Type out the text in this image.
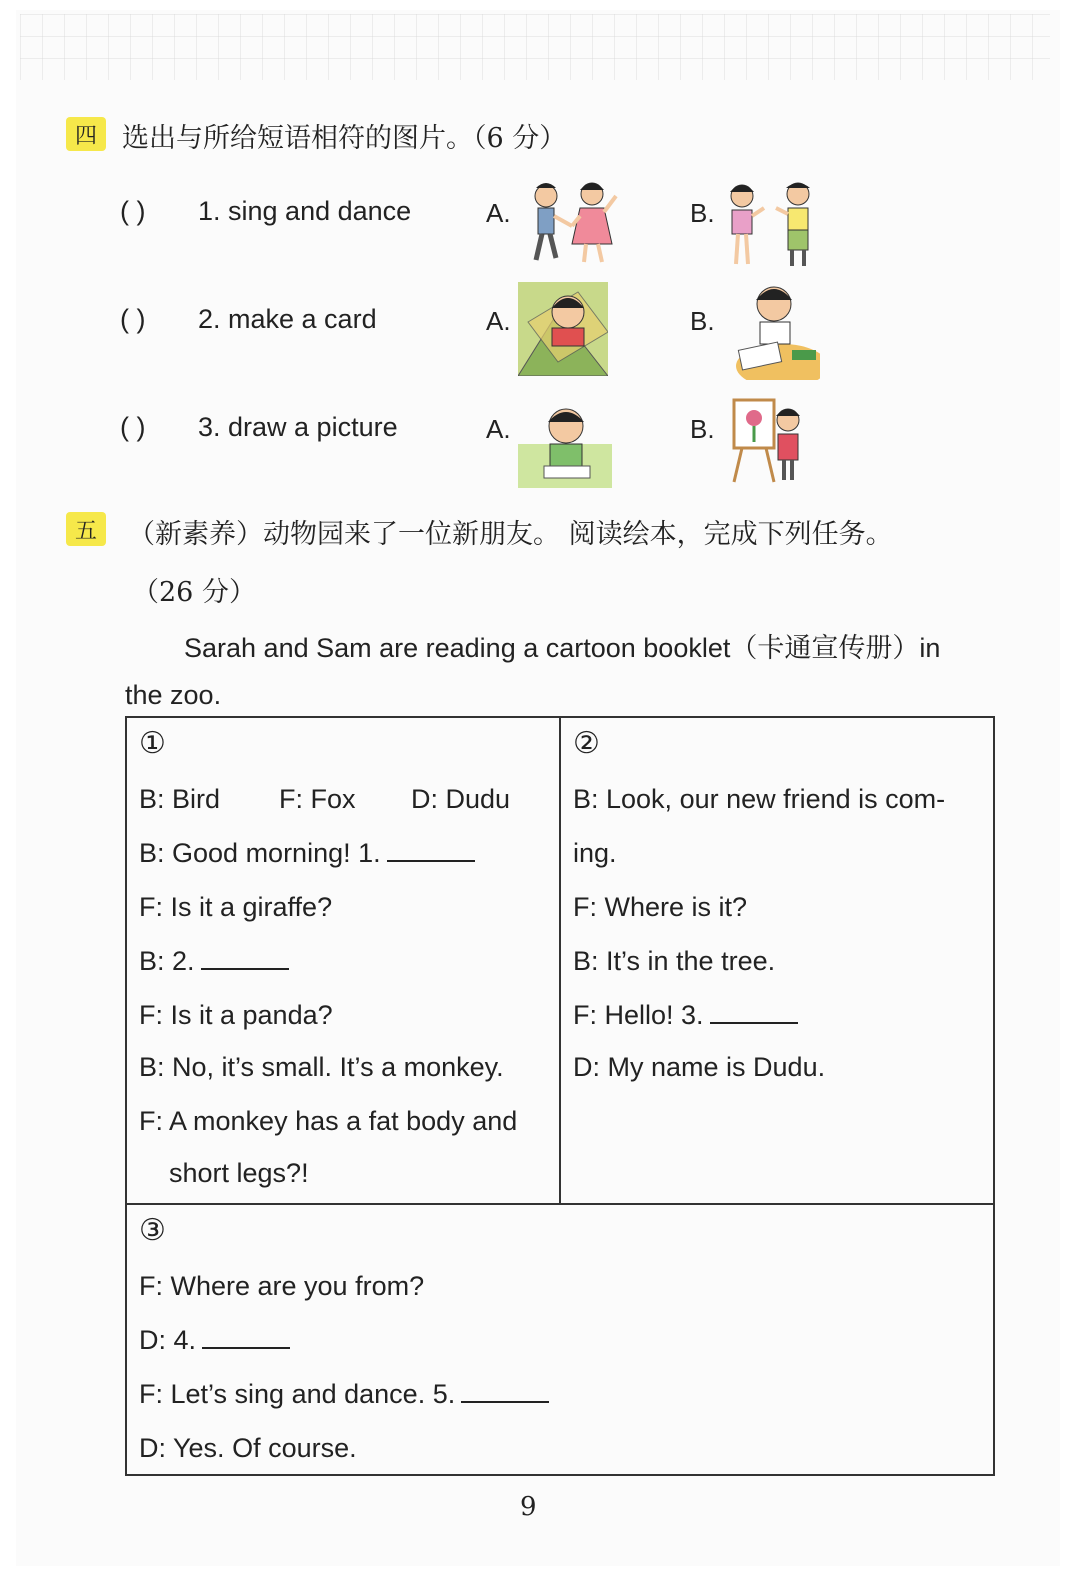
四 选出与所给短语相符的图片。（6 分）
( ) 1. sing and dance	A.	B.
( ) 2. make a card	A.	B.
( ) 3. draw a picture	A.	B.
五	（新素养）动物园来了一位新朋友。 阅读绘本，完成下列任务。
（26 分）
Sarah and Sam are reading a cartoon booklet（卡通宣传册）in
the zoo.
①
B: Bird F: Fox D: Dudu
B: Good morning! 1.
F: Is it a giraffe?
B: 2.
F: Is it a panda?
B: No, it’s small. It’s a monkey.
F: A monkey has a fat body and
short legs?!

②
B: Look, our new friend is com-
ing.
F: Where is it?
B: It’s in the tree.
F: Hello! 3.
D: My name is Dudu.

③
F: Where are you from?
D: 4.
F: Let’s sing and dance. 5.
D: Yes. Of course.
9
